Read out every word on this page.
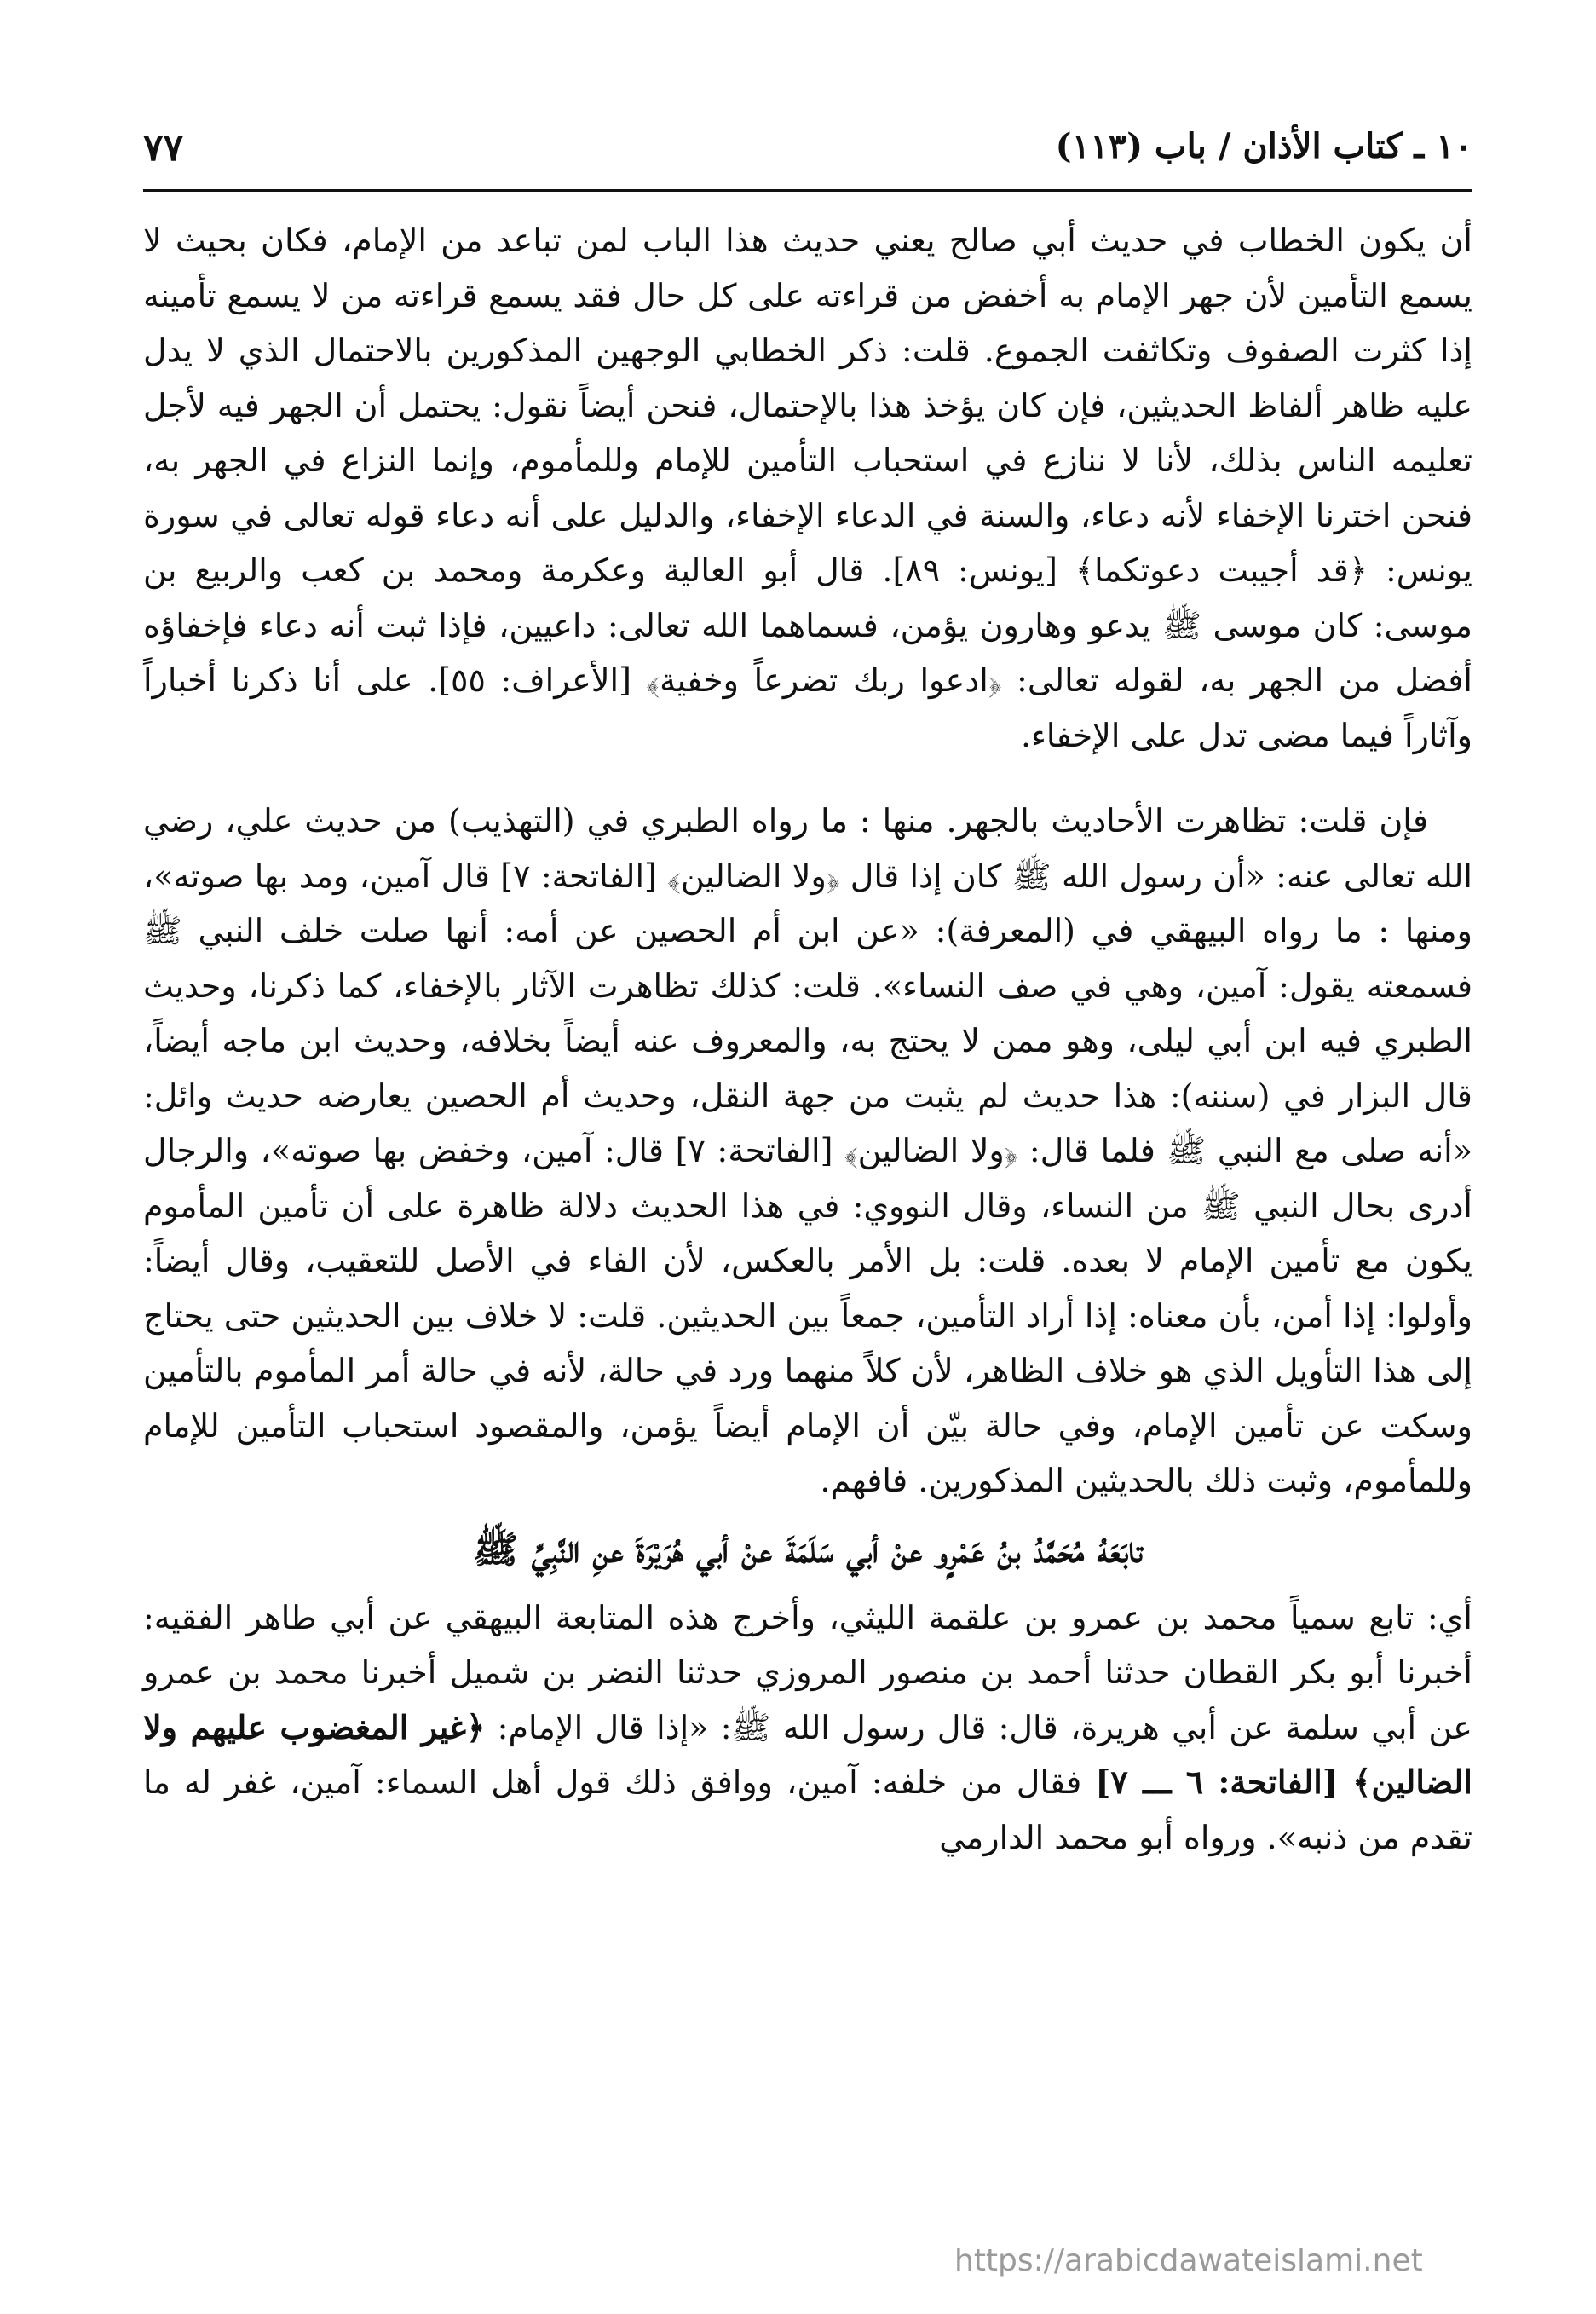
١٠ ـ كتاب الأذان / باب (١١٣)
٧٧

أن يكون الخطاب في حديث أبي صالح يعني حديث هذا الباب لمن تباعد من الإمام، فكان بحيث لا يسمع التأمين لأن جهر الإمام به أخفض من قراءته على كل حال فقد يسمع قراءته من لا يسمع تأمينه إذا كثرت الصفوف وتكاثفت الجموع. قلت: ذكر الخطابي الوجهين المذكورين بالاحتمال الذي لا يدل عليه ظاهر ألفاظ الحديثين، فإن كان يؤخذ هذا بالإحتمال، فنحن أيضاً نقول: يحتمل أن الجهر فيه لأجل تعليمه الناس بذلك، لأنا لا ننازع في استحباب التأمين للإمام وللمأموم، وإنما النزاع في الجهر به، فنحن اخترنا الإخفاء لأنه دعاء، والسنة في الدعاء الإخفاء، والدليل على أنه دعاء قوله تعالى في سورة يونس: ﴿قد أجيبت دعوتكما﴾ [يونس: ٨٩]. قال أبو العالية وعكرمة ومحمد بن كعب والربيع بن موسى: كان موسى ﷺ يدعو وهارون يؤمن، فسماهما الله تعالى: داعيين، فإذا ثبت أنه دعاء فإخفاؤه أفضل من الجهر به، لقوله تعالى: ﴿ادعوا ربك تضرعاً وخفية﴾ [الأعراف: ٥٥]. على أنا ذكرنا أخباراً وآثاراً فيما مضى تدل على الإخفاء.

فإن قلت: تظاهرت الأحاديث بالجهر. منها : ما رواه الطبري في (التهذيب) من حديث علي، رضي الله تعالى عنه: «أن رسول الله ﷺ كان إذا قال ﴿ولا الضالين﴾ [الفاتحة: ٧] قال آمين، ومد بها صوته»، ومنها : ما رواه البيهقي في (المعرفة): «عن ابن أم الحصين عن أمه: أنها صلت خلف النبي ﷺ فسمعته يقول: آمين، وهي في صف النساء». قلت: كذلك تظاهرت الآثار بالإخفاء، كما ذكرنا، وحديث الطبري فيه ابن أبي ليلى، وهو ممن لا يحتج به، والمعروف عنه أيضاً بخلافه، وحديث ابن ماجه أيضاً، قال البزار في (سننه): هذا حديث لم يثبت من جهة النقل، وحديث أم الحصين يعارضه حديث وائل: «أنه صلى مع النبي ﷺ فلما قال: ﴿ولا الضالين﴾ [الفاتحة: ٧] قال: آمين، وخفض بها صوته»، والرجال أدرى بحال النبي ﷺ من النساء، وقال النووي: في هذا الحديث دلالة ظاهرة على أن تأمين المأموم يكون مع تأمين الإمام لا بعده. قلت: بل الأمر بالعكس، لأن الفاء في الأصل للتعقيب، وقال أيضاً: وأولوا: إذا أمن، بأن معناه: إذا أراد التأمين، جمعاً بين الحديثين. قلت: لا خلاف بين الحديثين حتى يحتاج إلى هذا التأويل الذي هو خلاف الظاهر، لأن كلاً منهما ورد في حالة، لأنه في حالة أمر المأموم بالتأمين وسكت عن تأمين الإمام، وفي حالة بيّن أن الإمام أيضاً يؤمن، والمقصود استحباب التأمين للإمام وللمأموم، وثبت ذلك بالحديثين المذكورين. فافهم.

تابَعَهُ مُحَمَّدُ بنُ عَمْرٍو عنْ أبي سَلَمَةَ عنْ أبي هُرَيْرَةَ عنِ النَّبِيِّ ﷺ

أي: تابع سمياً محمد بن عمرو بن علقمة الليثي، وأخرج هذه المتابعة البيهقي عن أبي طاهر الفقيه: أخبرنا أبو بكر القطان حدثنا أحمد بن منصور المروزي حدثنا النضر بن شميل أخبرنا محمد بن عمرو عن أبي سلمة عن أبي هريرة، قال: قال رسول الله ﷺ: «إذا قال الإمام: ﴿غير المغضوب عليهم ولا الضالين﴾ [الفاتحة: ٦ ـــ ٧] فقال من خلفه: آمين، ووافق ذلك قول أهل السماء: آمين، غفر له ما تقدم من ذنبه». ورواه أبو محمد الدارمي

https://arabicdawateislami.net
